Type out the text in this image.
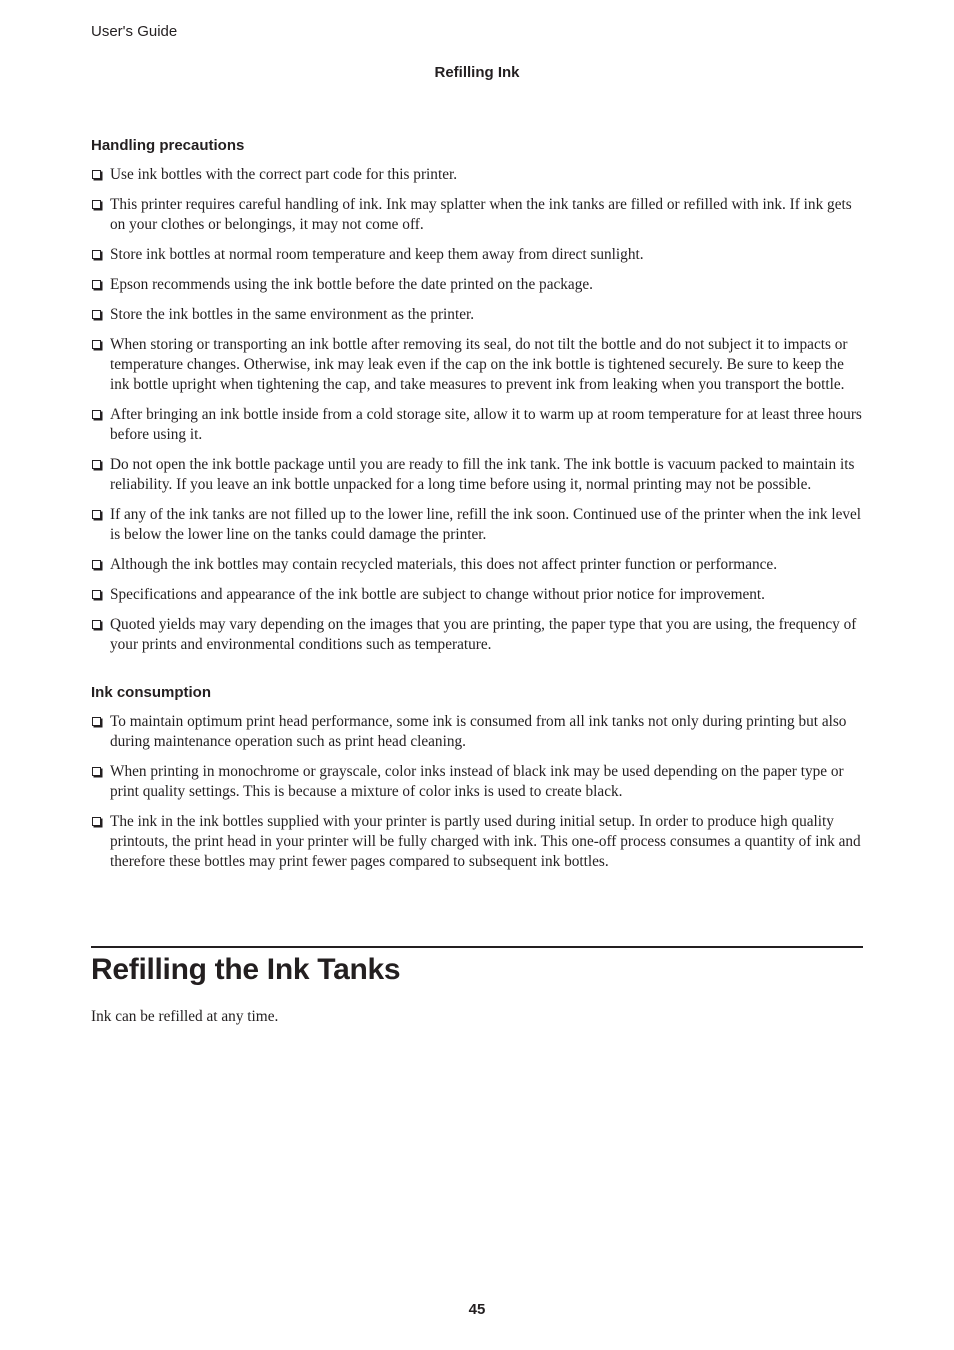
User's Guide
Refilling Ink
Handling precautions
Use ink bottles with the correct part code for this printer.
This printer requires careful handling of ink. Ink may splatter when the ink tanks are filled or refilled with ink. If ink gets on your clothes or belongings, it may not come off.
Store ink bottles at normal room temperature and keep them away from direct sunlight.
Epson recommends using the ink bottle before the date printed on the package.
Store the ink bottles in the same environment as the printer.
When storing or transporting an ink bottle after removing its seal, do not tilt the bottle and do not subject it to impacts or temperature changes. Otherwise, ink may leak even if the cap on the ink bottle is tightened securely. Be sure to keep the ink bottle upright when tightening the cap, and take measures to prevent ink from leaking when you transport the bottle.
After bringing an ink bottle inside from a cold storage site, allow it to warm up at room temperature for at least three hours before using it.
Do not open the ink bottle package until you are ready to fill the ink tank. The ink bottle is vacuum packed to maintain its reliability. If you leave an ink bottle unpacked for a long time before using it, normal printing may not be possible.
If any of the ink tanks are not filled up to the lower line, refill the ink soon. Continued use of the printer when the ink level is below the lower line on the tanks could damage the printer.
Although the ink bottles may contain recycled materials, this does not affect printer function or performance.
Specifications and appearance of the ink bottle are subject to change without prior notice for improvement.
Quoted yields may vary depending on the images that you are printing, the paper type that you are using, the frequency of your prints and environmental conditions such as temperature.
Ink consumption
To maintain optimum print head performance, some ink is consumed from all ink tanks not only during printing but also during maintenance operation such as print head cleaning.
When printing in monochrome or grayscale, color inks instead of black ink may be used depending on the paper type or print quality settings. This is because a mixture of color inks is used to create black.
The ink in the ink bottles supplied with your printer is partly used during initial setup. In order to produce high quality printouts, the print head in your printer will be fully charged with ink. This one-off process consumes a quantity of ink and therefore these bottles may print fewer pages compared to subsequent ink bottles.
Refilling the Ink Tanks
Ink can be refilled at any time.
45
